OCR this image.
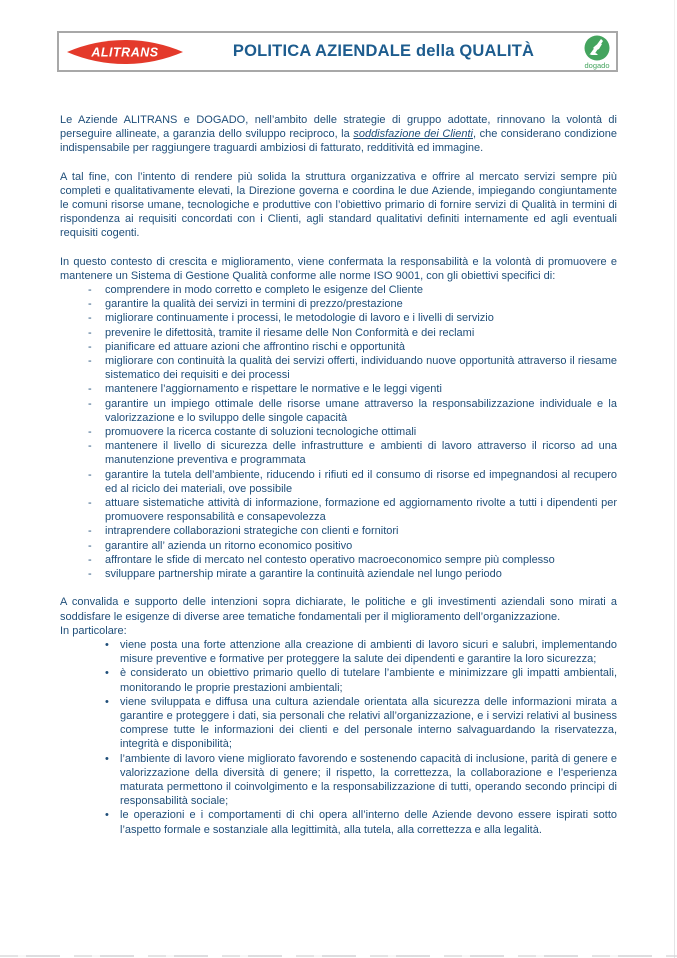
ALITRANS	POLITICA AZIENDALE della QUALITÀ
dogado

Le Aziende ALITRANS e DOGADO, nell’ambito delle strategie di gruppo adottate, rinnovano la volontà di perseguire allineate, a garanzia dello sviluppo reciproco, la soddisfazione dei Clienti, che considerano condizione indispensabile per raggiungere traguardi ambiziosi di fatturato, redditività ed immagine.

A tal fine, con l’intento di rendere più solida la struttura organizzativa e offrire al mercato servizi sempre più completi e qualitativamente elevati, la Direzione governa e coordina le due Aziende, impiegando congiuntamente le comuni risorse umane, tecnologiche e produttive con l’obiettivo primario di fornire servizi di Qualità in termini di rispondenza ai requisiti concordati con i Clienti, agli standard qualitativi definiti internamente ed agli eventuali requisiti cogenti.

In questo contesto di crescita e miglioramento, viene confermata la responsabilità e la volontà di promuovere e mantenere un Sistema di Gestione Qualità conforme alle norme ISO 9001, con gli obiettivi specifici di:

- comprendere in modo corretto e completo le esigenze del Cliente
- garantire la qualità dei servizi in termini di prezzo/prestazione
- migliorare continuamente i processi, le metodologie di lavoro e i livelli di servizio
- prevenire le difettosità, tramite il riesame delle Non Conformità e dei reclami
- pianificare ed attuare azioni che affrontino rischi e opportunità
- migliorare con continuità la qualità dei servizi offerti, individuando nuove opportunità attraverso il riesame sistematico dei requisiti e dei processi
- mantenere l’aggiornamento e rispettare le normative e le leggi vigenti
- garantire un impiego ottimale delle risorse umane attraverso la responsabilizzazione individuale e la valorizzazione e lo sviluppo delle singole capacità
- promuovere la ricerca costante di soluzioni tecnologiche ottimali
- mantenere il livello di sicurezza delle infrastrutture e ambienti di lavoro attraverso il ricorso ad una manutenzione preventiva e programmata
- garantire la tutela dell’ambiente, riducendo i rifiuti ed il consumo di risorse ed impegnandosi al recupero ed al riciclo dei materiali, ove possibile
- attuare sistematiche attività di informazione, formazione ed aggiornamento rivolte a tutti i dipendenti per promuovere responsabilità e consapevolezza
- intraprendere collaborazioni strategiche con clienti e fornitori
- garantire all’ azienda un ritorno economico positivo
- affrontare le sfide di mercato nel contesto operativo macroeconomico sempre più complesso
- sviluppare partnership mirate a garantire la continuità aziendale nel lungo periodo

A convalida e supporto delle intenzioni sopra dichiarate, le politiche e gli investimenti aziendali sono mirati a soddisfare le esigenze di diverse aree tematiche fondamentali per il miglioramento dell’organizzazione.

In particolare:

• viene posta una forte attenzione alla creazione di ambienti di lavoro sicuri e salubri, implementando misure preventive e formative per proteggere la salute dei dipendenti e garantire la loro sicurezza;
• è considerato un obiettivo primario quello di tutelare l’ambiente e minimizzare gli impatti ambientali, monitorando le proprie prestazioni ambientali;
• viene sviluppata e diffusa una cultura aziendale orientata alla sicurezza delle informazioni mirata a garantire e proteggere i dati, sia personali che relativi all’organizzazione, e i servizi relativi al business comprese tutte le informazioni dei clienti e del personale interno salvaguardando la riservatezza, integrità e disponibilità;
• l’ambiente di lavoro viene migliorato favorendo e sostenendo capacità di inclusione, parità di genere e valorizzazione della diversità di genere; il rispetto, la correttezza, la collaborazione e l’esperienza maturata permettono il coinvolgimento e la responsabilizzazione di tutti, operando secondo principi di responsabilità sociale;
• le operazioni e i comportamenti di chi opera all’interno delle Aziende devono essere ispirati sotto l’aspetto formale e sostanziale alla legittimità, alla tutela, alla correttezza e alla legalità.
